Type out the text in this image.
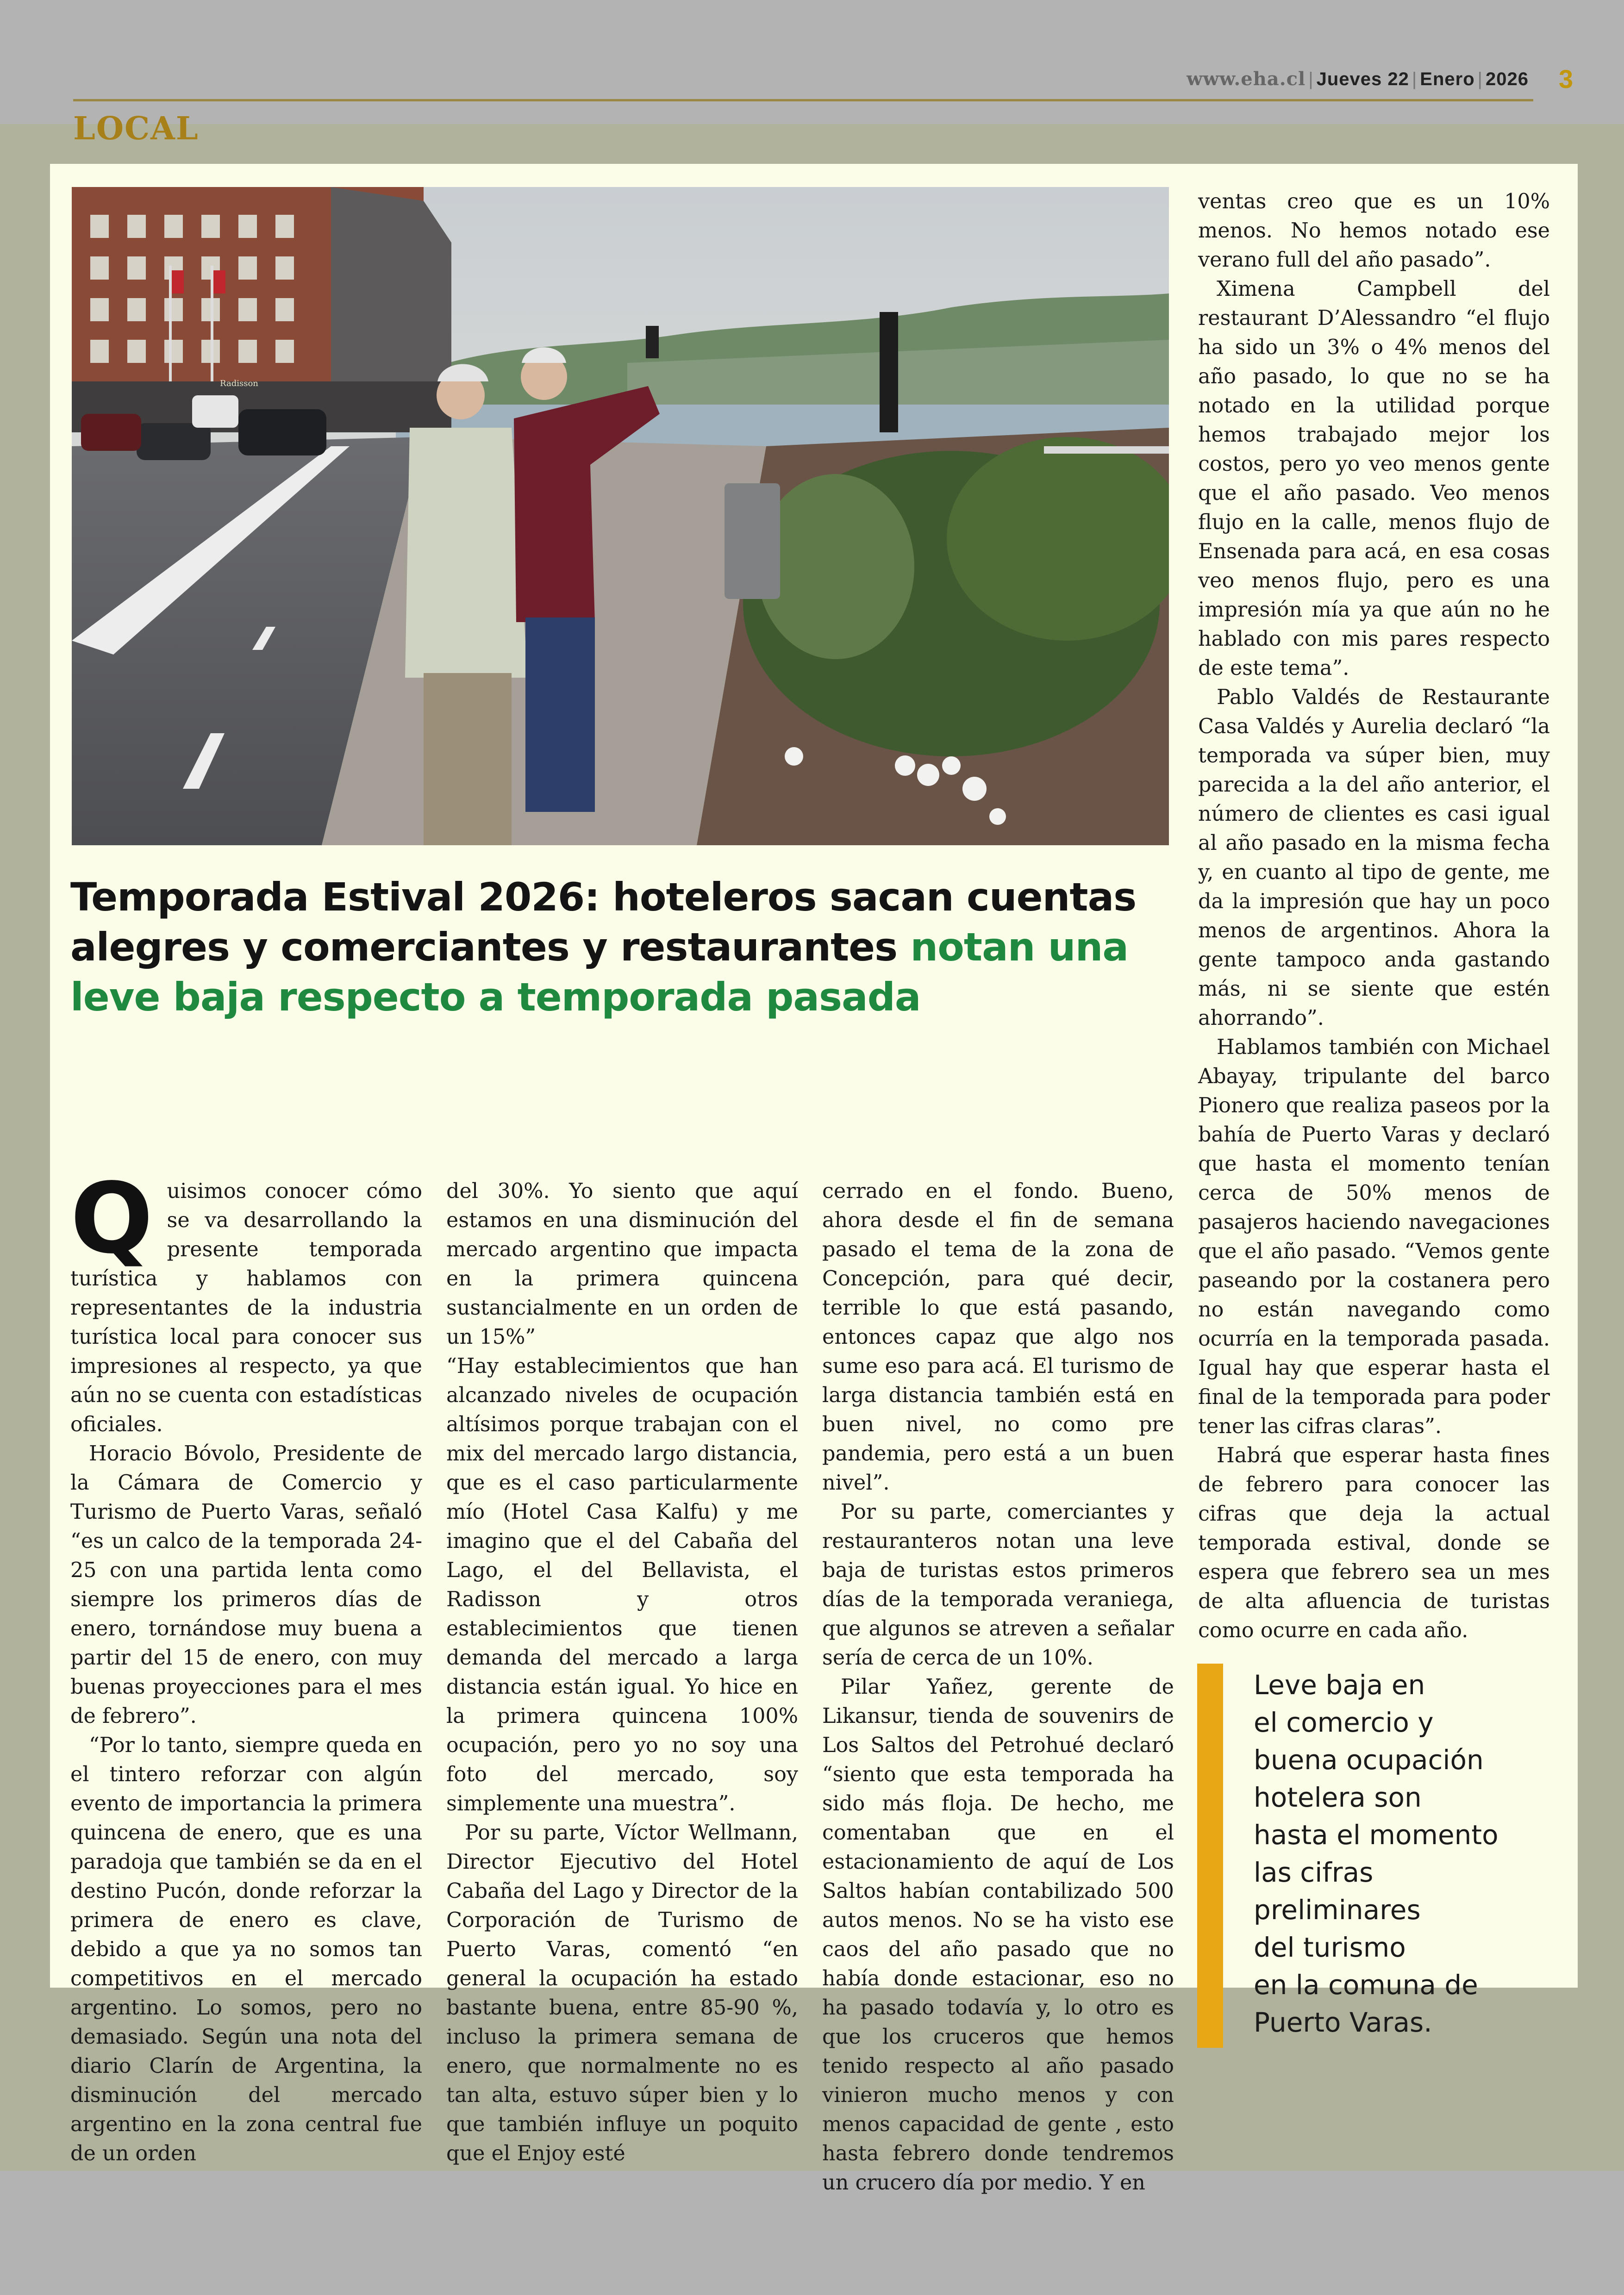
www.eha.cl | Jueves 22 | Enero | 2026 3
LOCAL
Radisson
Temporada Estival 2026: hoteleros sacan cuentas alegres y comerciantes y restaurantes notan una leve baja respecto a temporada pasada

Quisimos conocer cómo se va desarrollando la presente temporada turística y hablamos con representantes de la industria turística local para conocer sus impresiones al respecto, ya que aún no se cuenta con estadísticas oficiales.

Horacio Bóvolo, Presidente de la Cámara de Comercio y Turismo de Puerto Varas, señaló “es un calco de la temporada 24-25 con una partida lenta como siempre los primeros días de enero, tornándose muy buena a partir del 15 de enero, con muy buenas proyecciones para el mes de febrero”.

“Por lo tanto, siempre queda en el tintero reforzar con algún evento de importancia la primera quincena de enero, que es una paradoja que también se da en el destino Pucón, donde reforzar la primera de enero es clave, debido a que ya no somos tan competitivos en el mercado argentino. Lo somos, pero no demasiado. Según una nota del diario Clarín de Argentina, la disminución del mercado argentino en la zona central fue de un orden

del 30%. Yo siento que aquí estamos en una disminución del mercado argentino que impacta en la primera quincena sustancialmente en un orden de un 15%”

“Hay establecimientos que han alcanzado niveles de ocupación altísimos porque trabajan con el mix del mercado largo distancia, que es el caso particularmente mío (Hotel Casa Kalfu) y me imagino que el del Cabaña del Lago, el del Bellavista, el Radisson y otros establecimientos que tienen demanda del mercado a larga distancia están igual. Yo hice en la primera quincena 100% ocupación, pero yo no soy una foto del mercado, soy simplemente una muestra”.

Por su parte, Víctor Wellmann, Director Ejecutivo del Hotel Cabaña del Lago y Director de la Corporación de Turismo de Puerto Varas, comentó “en general la ocupación ha estado bastante buena, entre 85-90 %, incluso la primera semana de enero, que normalmente no es tan alta, estuvo súper bien y lo que también influye un poquito que el Enjoy esté

cerrado en el fondo. Bueno, ahora desde el fin de semana pasado el tema de la zona de Concepción, para qué decir, terrible lo que está pasando, entonces capaz que algo nos sume eso para acá. El turismo de larga distancia también está en buen nivel, no como pre pandemia, pero está a un buen nivel”.

Por su parte, comerciantes y restauranteros notan una leve baja de turistas estos primeros días de la temporada veraniega, que algunos se atreven a señalar sería de cerca de un 10%.

Pilar Yañez, gerente de Likansur, tienda de souvenirs de Los Saltos del Petrohué declaró “siento que esta temporada ha sido más floja. De hecho, me comentaban que en el estacionamiento de aquí de Los Saltos habían contabilizado 500 autos menos. No se ha visto ese caos del año pasado que no había donde estacionar, eso no ha pasado todavía y, lo otro es que los cruceros que hemos tenido respecto al año pasado vinieron mucho menos y con menos capacidad de gente , esto hasta febrero donde tendremos un crucero día por medio. Y en

ventas creo que es un 10% menos. No hemos notado ese verano full del año pasado”.

Ximena Campbell del restaurant D’Alessandro “el flujo ha sido un 3% o 4% menos del año pasado, lo que no se ha notado en la utilidad porque hemos trabajado mejor los costos, pero yo veo menos gente que el año pasado. Veo menos flujo en la calle, menos flujo de Ensenada para acá, en esa cosas veo menos flujo, pero es una impresión mía ya que aún no he hablado con mis pares respecto de este tema”.

Pablo Valdés de Restaurante Casa Valdés y Aurelia declaró “la temporada va súper bien, muy parecida a la del año anterior, el número de clientes es casi igual al año pasado en la misma fecha y, en cuanto al tipo de gente, me da la impresión que hay un poco menos de argentinos. Ahora la gente tampoco anda gastando más, ni se siente que estén ahorrando”.

Hablamos también con Michael Abayay, tripulante del barco Pionero que realiza paseos por la bahía de Puerto Varas y declaró que hasta el momento tenían cerca de 50% menos de pasajeros haciendo navegaciones que el año pasado. “Vemos gente paseando por la costanera pero no están navegando como ocurría en la temporada pasada. Igual hay que esperar hasta el final de la temporada para poder tener las cifras claras”.

Habrá que esperar hasta fines de febrero para conocer las cifras que deja la actual temporada estival, donde se espera que febrero sea un mes de alta afluencia de turistas como ocurre en cada año.

Leve baja en
el comercio y
buena ocupación
hotelera son
hasta el momento
las cifras
preliminares
del turismo
en la comuna de
Puerto Varas.
